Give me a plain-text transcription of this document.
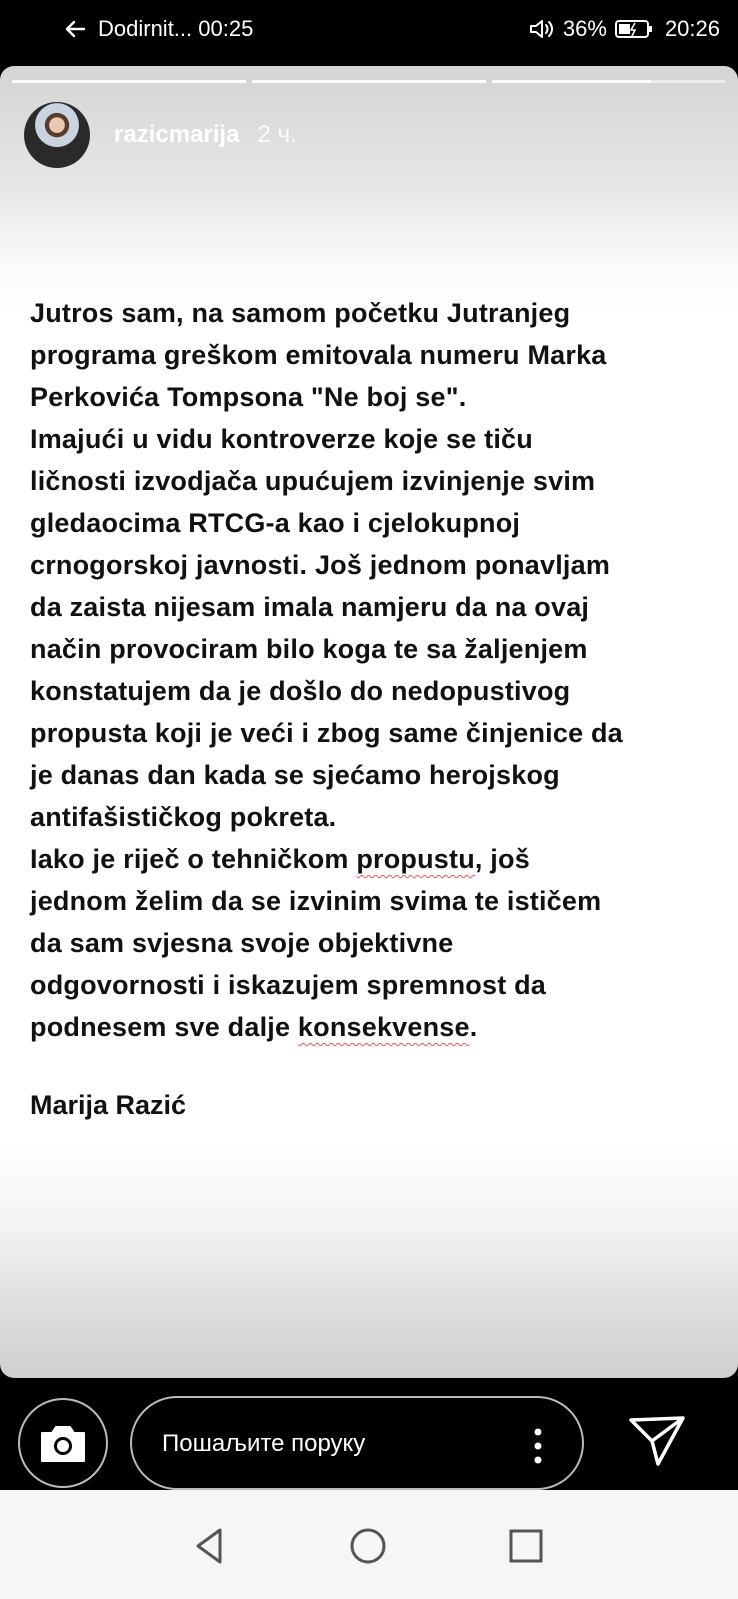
Dodirnit... 00:25	36%	20:26
razicmarija 2 ч.
Jutros sam, na samom početku Jutranjeg
programa greškom emitovala numeru Marka
Perkovića Tompsona "Ne boj se".
Imajući u vidu kontroverze koje se tiču
ličnosti izvodjača upućujem izvinjenje svim
gledaocima RTCG-a kao i cjelokupnoj
crnogorskoj javnosti. Još jednom ponavljam
da zaista nijesam imala namjeru da na ovaj
način provociram bilo koga te sa žaljenjem
konstatujem da je došlo do nedopustivog
propusta koji je veći i zbog same činjenice da
je danas dan kada se sjećamo herojskog
antifašističkog pokreta.
Iako je riječ o tehničkom propustu, još
jednom želim da se izvinim svima te ističem
da sam svjesna svoje objektivne
odgovornosti i iskazujem spremnost da
podnesem sve dalje konsekvense.
Marija Razić
Пошаљите поруку
